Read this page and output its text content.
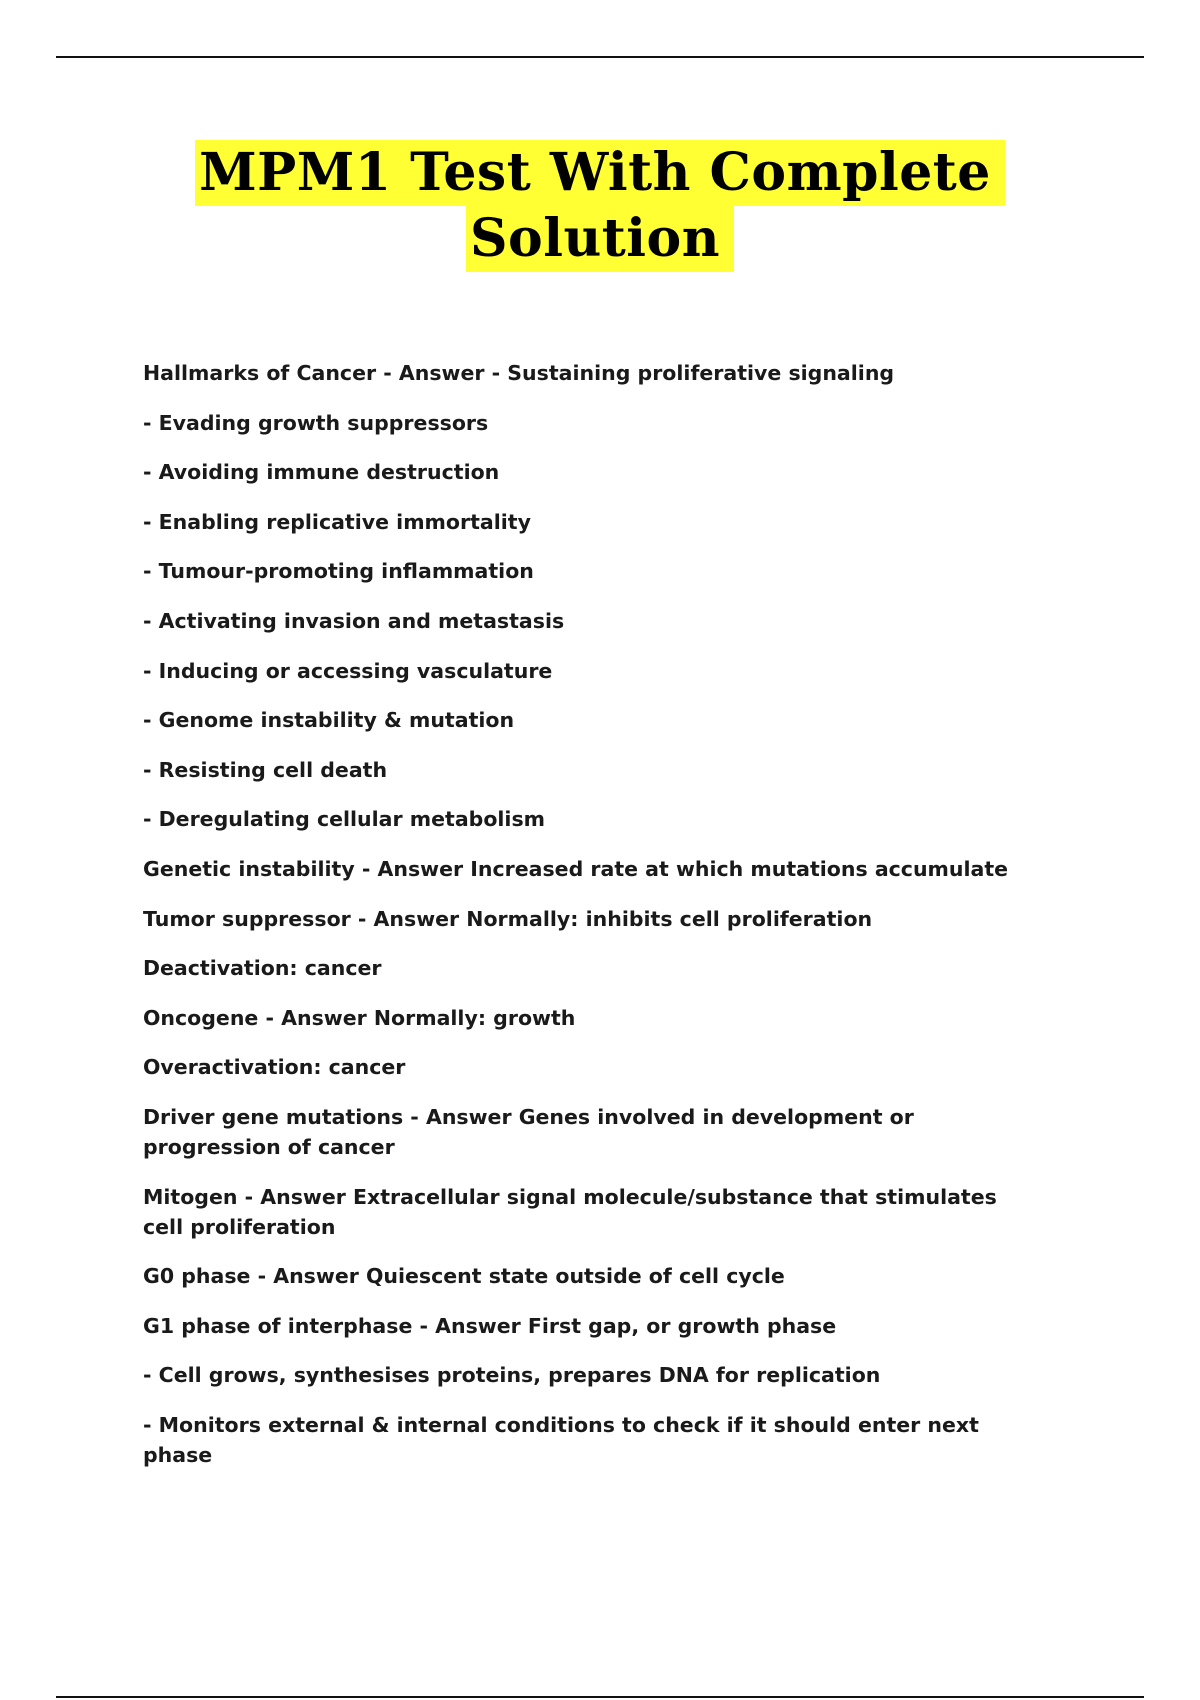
MPM1 Test With Complete
Solution
Hallmarks of Cancer - Answer - Sustaining proliferative signaling
- Evading growth suppressors
- Avoiding immune destruction
- Enabling replicative immortality
- Tumour-promoting inflammation
- Activating invasion and metastasis
- Inducing or accessing vasculature
- Genome instability & mutation
- Resisting cell death
- Deregulating cellular metabolism
Genetic instability - Answer Increased rate at which mutations accumulate
Tumor suppressor - Answer Normally: inhibits cell proliferation
Deactivation: cancer
Oncogene - Answer Normally: growth
Overactivation: cancer
Driver gene mutations - Answer Genes involved in development or progression of cancer
Mitogen - Answer Extracellular signal molecule/substance that stimulates cell proliferation
G0 phase - Answer Quiescent state outside of cell cycle
G1 phase of interphase - Answer First gap, or growth phase
- Cell grows, synthesises proteins, prepares DNA for replication
- Monitors external & internal conditions to check if it should enter next phase
